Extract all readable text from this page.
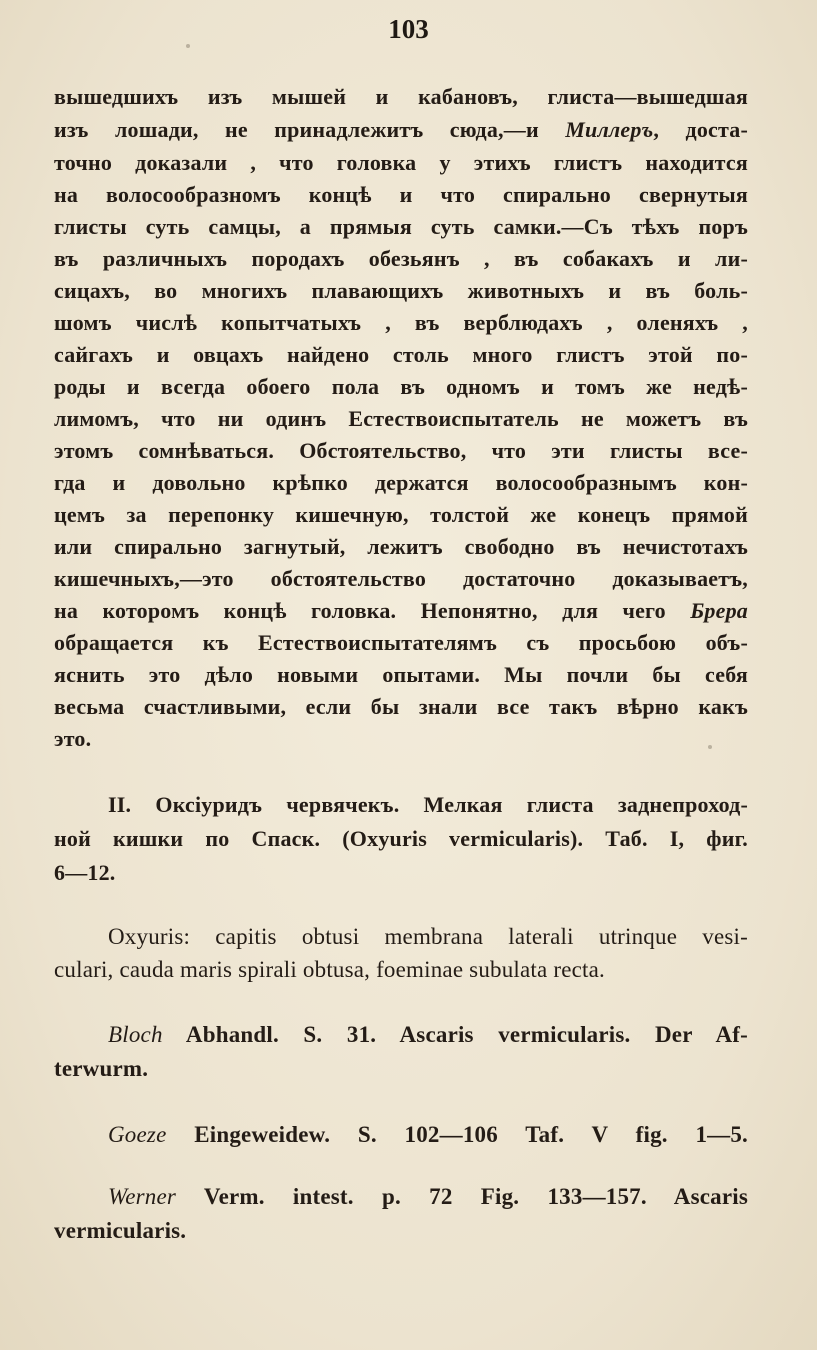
103
вышедшихъ изъ мышей и кабановъ, глиста—вышедшая
изъ лошади, не принадлежитъ сюда,—и Миллеръ, доста-
точно доказали , что головка у этихъ глистъ находится
на волосообразномъ концѣ и что спирально свернутыя
глисты суть самцы, а прямыя суть самки.—Съ тѣхъ поръ
въ различныхъ породахъ обезьянъ , въ собакахъ и ли-
сицахъ, во многихъ плавающихъ животныхъ и въ боль-
шомъ числѣ копытчатыхъ , въ верблюдахъ , оленяхъ ,
сайгахъ и овцахъ найдено столь много глистъ этой по-
роды и всегда обоего пола въ одномъ и томъ же недѣ-
лимомъ, что ни одинъ Естествоиспытатель не можетъ въ
этомъ сомнѣваться. Обстоятельство, что эти глисты все-
гда и довольно крѣпко держатся волосообразнымъ кон-
цемъ за перепонку кишечную, толстой же конецъ прямой
или спирально загнутый, лежитъ свободно въ нечистотахъ
кишечныхъ,—это обстоятельство достаточно доказываетъ,
на которомъ концѣ головка. Непонятно, для чего Брера
обращается къ Естествоиспытателямъ съ просьбою объ-
яснить это дѣло новыми опытами. Мы почли бы себя
весьма счастливыми, если бы знали все такъ вѣрно какъ
это.
II. Оксіуридъ червячекъ. Мелкая глиста заднепроход-
ной кишки по Спаск. (Oxyuris vermicularis). Таб. I, фиг.
6—12.
Oxyuris: capitis obtusi membrana laterali utrinque vesi-
culari, cauda maris spirali obtusa, foeminae subulata recta.
Bloch Abhandl. S. 31. Ascaris vermicularis. Der Af-
terwurm.
Goeze Eingeweidew. S. 102—106 Taf. V fig. 1—5.
Werner Verm. intest. p. 72 Fig. 133—157. Ascaris
vermicularis.
